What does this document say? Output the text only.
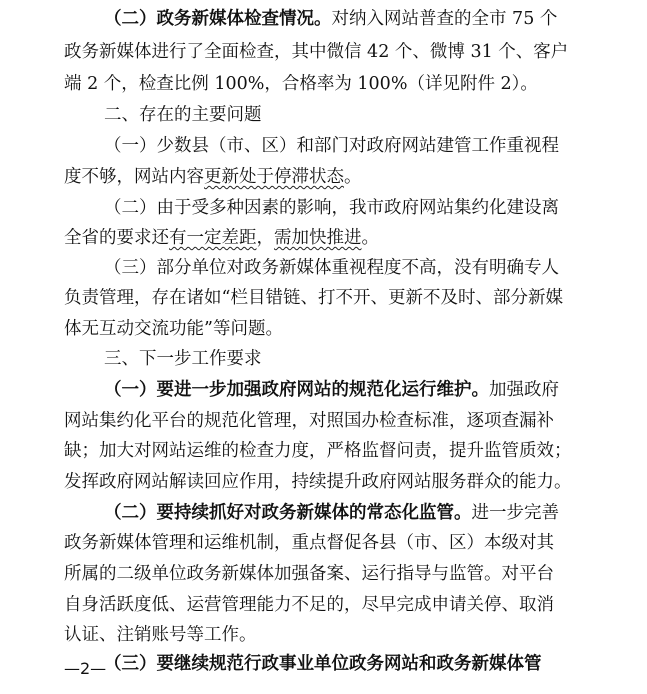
（二）政务新媒体检查情况。对纳入网站普查的全市 75 个
政务新媒体进行了全面检查，其中微信 42 个、微博 31 个、客户
端 2 个，检查比例 100%，合格率为 100%（详见附件 2）。
二、存在的主要问题
（一）少数县（市、区）和部门对政府网站建管工作重视程
度不够，网站内容更新处于停滞状态。
（二）由于受多种因素的影响，我市政府网站集约化建设离
全省的要求还有一定差距，需加快推进。
（三）部分单位对政务新媒体重视程度不高，没有明确专人
负责管理，存在诸如“栏目错链、打不开、更新不及时、部分新媒
体无互动交流功能”等问题。
三、下一步工作要求
（一）要进一步加强政府网站的规范化运行维护。加强政府
网站集约化平台的规范化管理，对照国办检查标准，逐项查漏补
缺；加大对网站运维的检查力度，严格监督问责，提升监管质效；
发挥政府网站解读回应作用，持续提升政府网站服务群众的能力。
（二）要持续抓好对政务新媒体的常态化监管。进一步完善
政务新媒体管理和运维机制，重点督促各县（市、区）本级对其
所属的二级单位政务新媒体加强备案、运行指导与监管。对平台
自身活跃度低、运营管理能力不足的，尽早完成申请关停、取消
认证、注销账号等工作。
（三）要继续规范行政事业单位政务网站和政务新媒体管
—2—
